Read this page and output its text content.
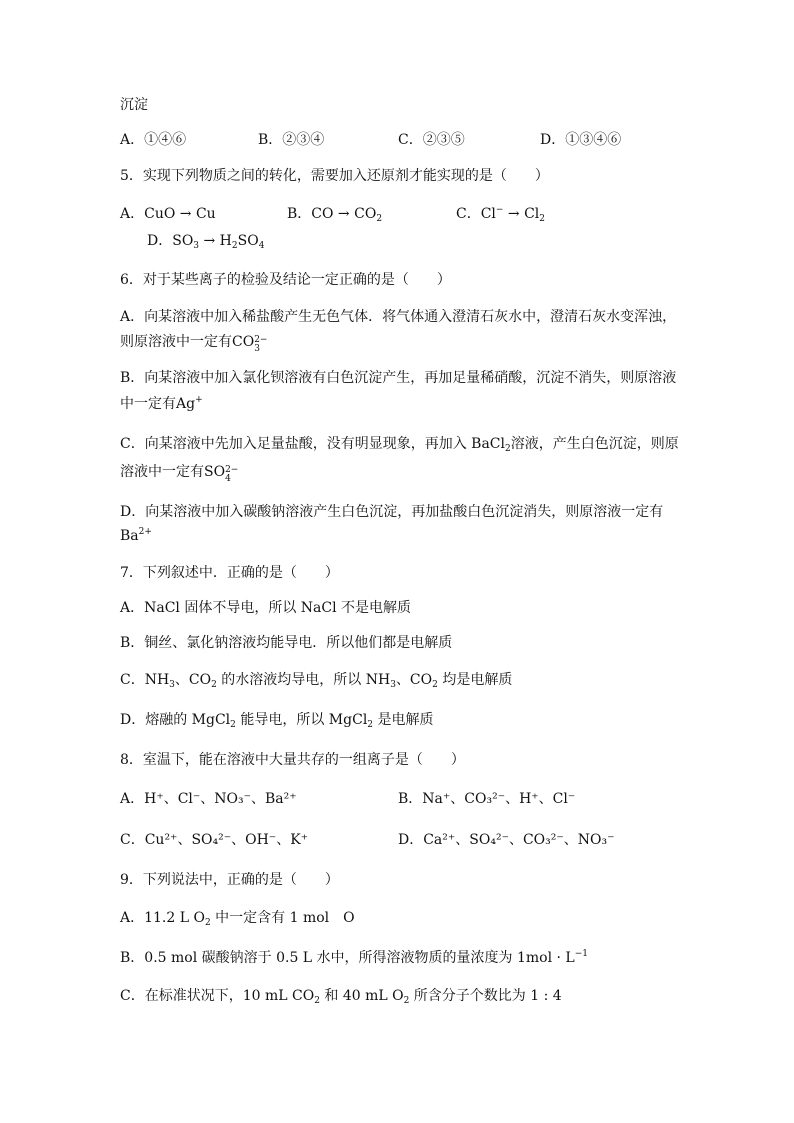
沉淀
A．①④⑥	B．②③④	C．②③⑤	D．①③④⑥
5．实现下列物质之间的转化，需要加入还原剂才能实现的是（　　）
A．CuO → Cu	B．CO → $CO_2$	C．$Cl^- \to Cl_2$
D．$SO_3 \to H_2SO_4$
6．对于某些离子的检验及结论一定正确的是（　　）
A．向某溶液中加入稀盐酸产生无色气体．将气体通入澄清石灰水中，澄清石灰水变浑浊，
则原溶液中一定有CO 2−
3
B．向某溶液中加入氯化钡溶液有白色沉淀产生，再加足量稀硝酸，沉淀不消失，则原溶液
中一定有Ag+
C．向某溶液中先加入足量盐酸，没有明显现象，再加入 BaCl$_2$溶液，产生白色沉淀，则原
溶液中一定有SO 2−
4
D．向某溶液中加入碳酸钠溶液产生白色沉淀，再加盐酸白色沉淀消失，则原溶液一定有
$Ba^{2+}$
7．下列叙述中．正确的是（　　）
A．NaCl 固体不导电，所以 NaCl 不是电解质
B．铜丝、氯化钠溶液均能导电．所以他们都是电解质
C．$NH_3$、$CO_2$ 的水溶液均导电，所以 $NH_3$、$CO_2$ 均是电解质
D．熔融的 MgCl$_2$ 能导电，所以 MgCl$_2$ 是电解质
8．室温下，能在溶液中大量共存的一组离子是（　　）
A．H⁺、Cl⁻、NO₃⁻、Ba²⁺	B．Na⁺、CO₃²⁻、H⁺、Cl⁻
C．Cu²⁺、SO₄²⁻、OH⁻、K⁺	D．Ca²⁺、SO₄²⁻、CO₃²⁻、NO₃⁻
9．下列说法中，正确的是（　　）
A．11.2 L $O_2$ 中一定含有 1 mol　O
B．0.5 mol 碳酸钠溶于 0.5 L 水中，所得溶液物质的量浓度为 $1mol \cdot L^{-1}$
C．在标准状况下，10 mL $CO_2$ 和 40 mL $O_2$ 所含分子个数比为 1 : 4
